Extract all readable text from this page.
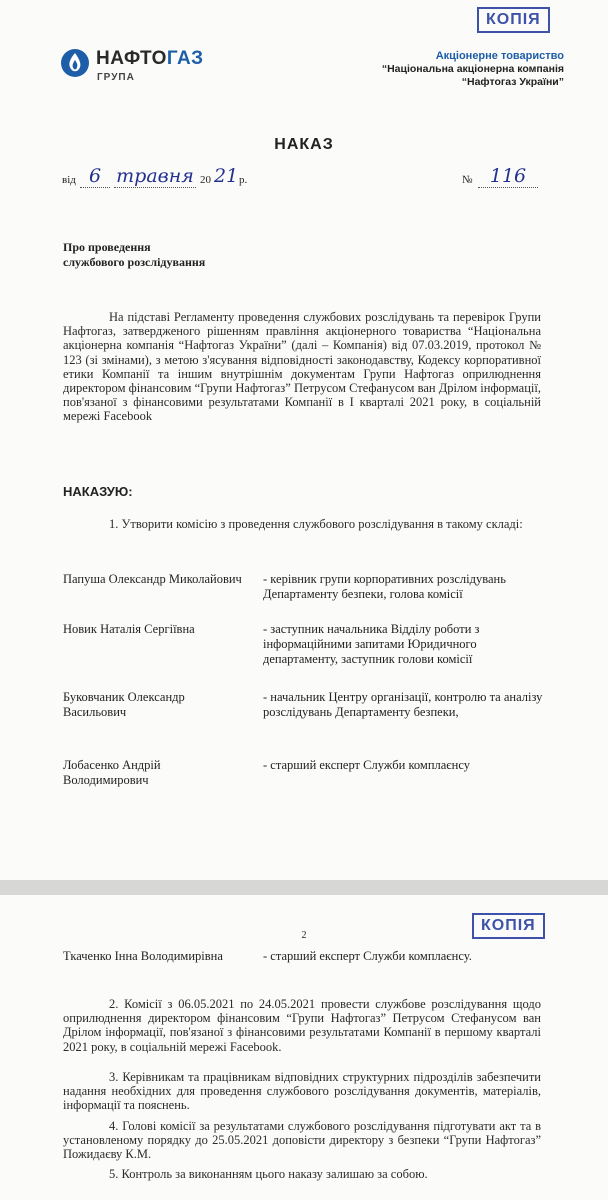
КОПІЯ
НАФТОГАЗ
ГРУПА
Акціонерне товариство
“Національна акціонерна компанія
“Нафтогаз України”
НАКАЗ
від 6 травня 20 21 р.	№ 116
Про проведення
службового розслідування

На підставі Регламенту проведення службових розслідувань та перевірок Групи Нафтогаз, затвердженого рішенням правління акціонерного товариства “Національна акціонерна компанія “Нафтогаз України” (далі – Компанія) від 07.03.2019, протокол № 123 (зі змінами), з метою з'ясування відповідності законодавству, Кодексу корпоративної етики Компанії та іншим внутрішнім документам Групи Нафтогаз оприлюднення директором фінансовим “Групи Нафтогаз” Петрусом Стефанусом ван Дрілом інформації, пов'язаної з фінансовими результатами Компанії в I кварталі 2021 року, в соціальній мережі Facebook

НАКАЗУЮ:

1. Утворити комісію з проведення службового розслідування в такому складі:

Папуша Олександр Миколайович - керівник групи корпоративних розслідувань Департаменту безпеки, голова комісії
Новик Наталія Сергіївна	- заступник начальника Відділу роботи з інформаційними запитами Юридичного департаменту, заступник голови комісії
Буковчаник Олександр Васильович
- начальник Центру організації, контролю та аналізу розслідувань Департаменту безпеки,
Лобасенко Андрій Володимирович
- старший експерт Служби комплаєнсу
КОПІЯ
2
Ткаченко Інна Володимирівна	- старший експерт Служби комплаєнсу.

2. Комісії з 06.05.2021 по 24.05.2021 провести службове розслідування щодо оприлюднення директором фінансовим “Групи Нафтогаз” Петрусом Стефанусом ван Дрілом інформації, пов'язаної з фінансовими результатами Компанії в першому кварталі 2021 року, в соціальній мережі Facebook.

3. Керівникам та працівникам відповідних структурних підрозділів забезпечити надання необхідних для проведення службового розслідування документів, матеріалів, інформації та пояснень.

4. Голові комісії за результатами службового розслідування підготувати акт та в установленому порядку до 25.05.2021 доповісти директору з безпеки “Групи Нафтогаз” Пожидаєву К.М.

5. Контроль за виконанням цього наказу залишаю за собою.
